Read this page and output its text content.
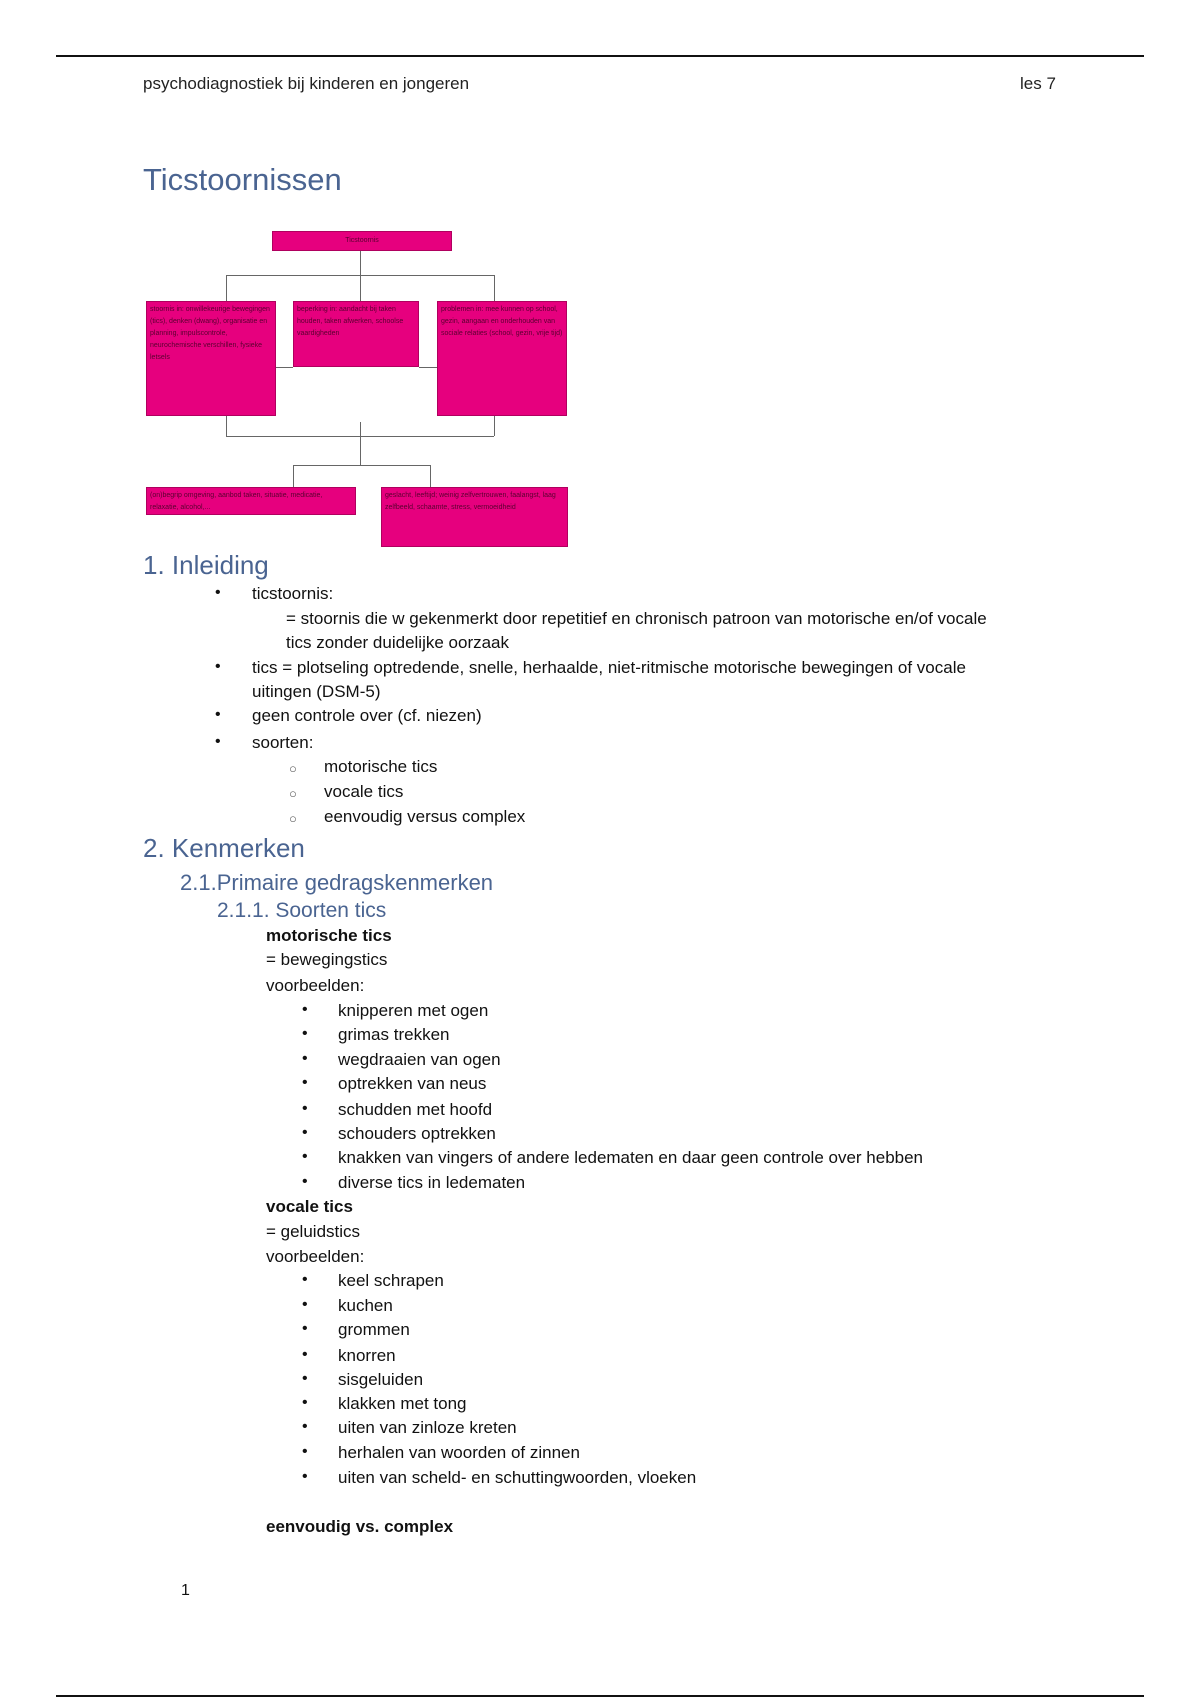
psychodiagnostiek bij kinderen en jongeren	les 7
Ticstoornissen
Ticstoornis
stoornis in: onwillekeurige bewegingen (tics), denken (dwang), organisatie en planning, impulscontrole, neurochemische verschillen, fysieke letsels
beperking in: aandacht bij taken houden, taken afwerken, schoolse vaardigheden
problemen in: mee kunnen op school, gezin, aangaan en onderhouden van sociale relaties (school, gezin, vrije tijd)
(on)begrip omgeving, aanbod taken, situatie, medicatie, relaxatie, alcohol,...
geslacht, leeftijd; weinig zelfvertrouwen, faalangst, laag zelfbeeld, schaamte, stress, vermoeidheid
1. Inleiding
• ticstoornis:
= stoornis die w gekenmerkt door repetitief en chronisch patroon van motorische en/of vocale
tics zonder duidelijke oorzaak
• tics = plotseling optredende, snelle, herhaalde, niet-ritmische motorische bewegingen of vocale
uitingen (DSM-5)
• geen controle over (cf. niezen)
• soorten:
○ motorische tics
○ vocale tics
○ eenvoudig versus complex
2. Kenmerken
2.1.Primaire gedragskenmerken
2.1.1. Soorten tics
motorische tics
= bewegingstics
voorbeelden:
• knipperen met ogen
• grimas trekken
• wegdraaien van ogen
• optrekken van neus
• schudden met hoofd
• schouders optrekken
• knakken van vingers of andere ledematen en daar geen controle over hebben
• diverse tics in ledematen
vocale tics
= geluidstics
voorbeelden:
• keel schrapen
• kuchen
• grommen
• knorren
• sisgeluiden
• klakken met tong
• uiten van zinloze kreten
• herhalen van woorden of zinnen
• uiten van scheld- en schuttingwoorden, vloeken
eenvoudig vs. complex
1
